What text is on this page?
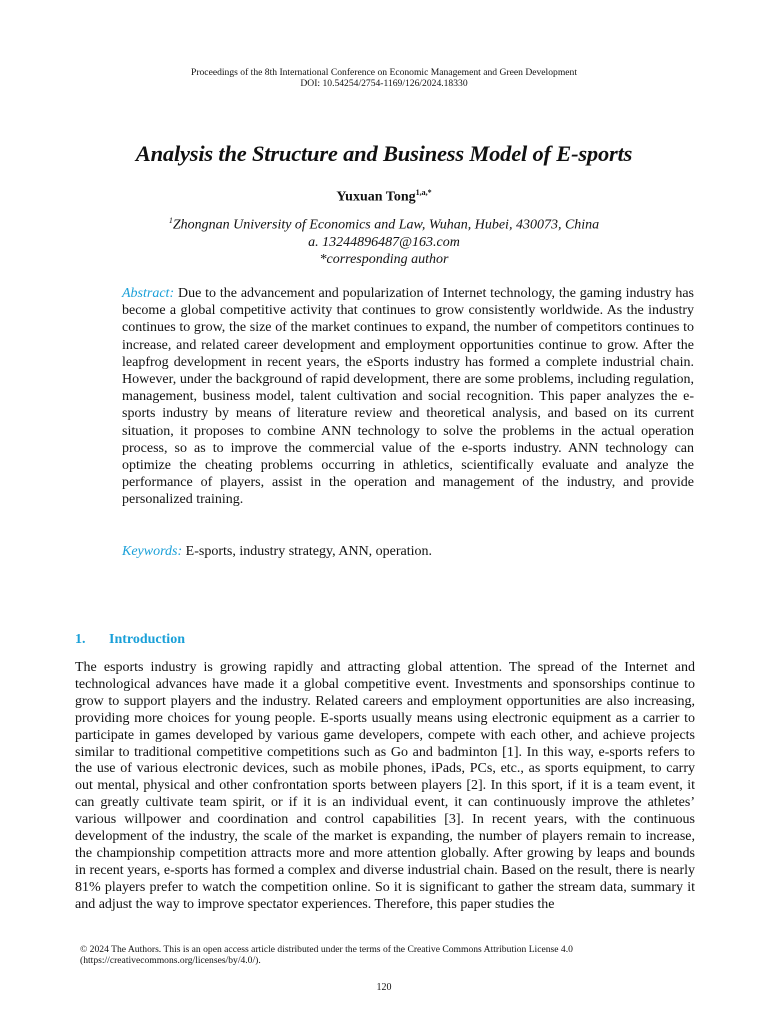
Proceedings of the 8th International Conference on Economic Management and Green Development
DOI: 10.54254/2754-1169/126/2024.18330
Analysis the Structure and Business Model of E-sports
Yuxuan Tong$^{1,a,*}$
$^1$Zhongnan University of Economics and Law, Wuhan, Hubei, 430073, China
a. 13244896487@163.com
*corresponding author
Abstract: Due to the advancement and popularization of Internet technology, the gaming industry has become a global competitive activity that continues to grow consistently worldwide. As the industry continues to grow, the size of the market continues to expand, the number of competitors continues to increase, and related career development and employment opportunities continue to grow. After the leapfrog development in recent years, the eSports industry has formed a complete industrial chain. However, under the background of rapid development, there are some problems, including regulation, management, business model, talent cultivation and social recognition. This paper analyzes the e-sports industry by means of literature review and theoretical analysis, and based on its current situation, it proposes to combine ANN technology to solve the problems in the actual operation process, so as to improve the commercial value of the e-sports industry. ANN technology can optimize the cheating problems occurring in athletics, scientifically evaluate and analyze the performance of players, assist in the operation and management of the industry, and provide personalized training.
Keywords: E-sports, industry strategy, ANN, operation.
1. Introduction
The esports industry is growing rapidly and attracting global attention. The spread of the Internet and technological advances have made it a global competitive event. Investments and sponsorships continue to grow to support players and the industry. Related careers and employment opportunities are also increasing, providing more choices for young people. E-sports usually means using electronic equipment as a carrier to participate in games developed by various game developers, compete with each other, and achieve projects similar to traditional competitive competitions such as Go and badminton [1]. In this way, e-sports refers to the use of various electronic devices, such as mobile phones, iPads, PCs, etc., as sports equipment, to carry out mental, physical and other confrontation sports between players [2]. In this sport, if it is a team event, it can greatly cultivate team spirit, or if it is an individual event, it can continuously improve the athletes’ various willpower and coordination and control capabilities [3]. In recent years, with the continuous development of the industry, the scale of the market is expanding, the number of players remain to increase, the championship competition attracts more and more attention globally. After growing by leaps and bounds in recent years, e-sports has formed a complex and diverse industrial chain. Based on the result, there is nearly 81% players prefer to watch the competition online. So it is significant to gather the stream data, summary it and adjust the way to improve spectator experiences. Therefore, this paper studies the
© 2024 The Authors. This is an open access article distributed under the terms of the Creative Commons Attribution License 4.0
(https://creativecommons.org/licenses/by/4.0/).
120
